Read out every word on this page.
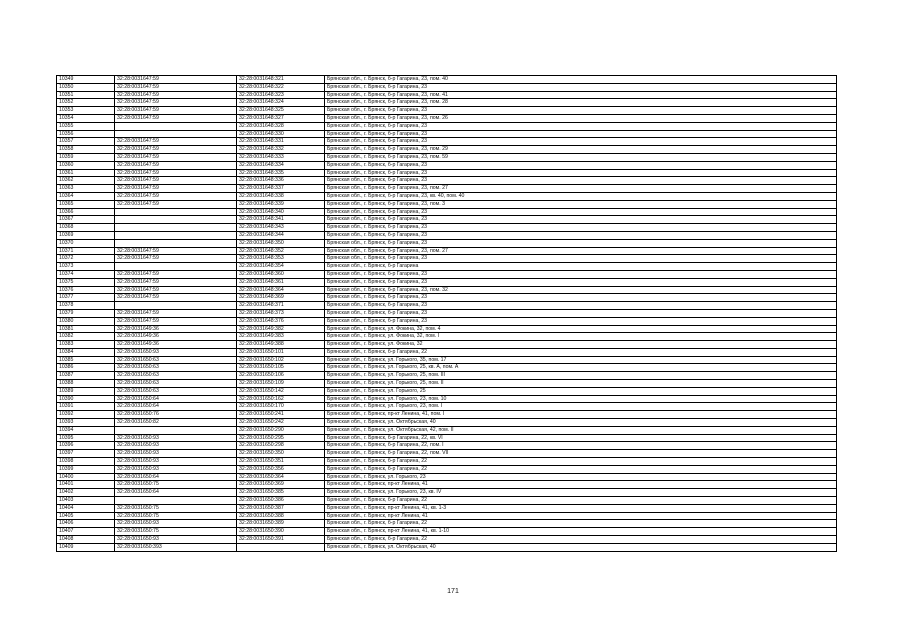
10349	32:28:0031647:59	32:28:0031648:321	Брянская обл., г. Брянск, б-р Гагарина, 23, пом. 40
10350	32:28:0031647:59	32:28:0031648:322	Брянская обл., г. Брянск, б-р Гагарина, 23
10351	32:28:0031647:59	32:28:0031648:323	Брянская обл., г. Брянск, б-р Гагарина, 23, пом. 41
10352	32:28:0031647:59	32:28:0031648:324	Брянская обл., г. Брянск, б-р Гагарина, 23, пом. 28
10353	32:28:0031647:59	32:28:0031648:325	Брянская обл., г. Брянск, б-р Гагарина, 23
10354	32:28:0031647:59	32:28:0031648:327	Брянская обл., г. Брянск, б-р Гагарина, 23, пом. 26
10355		32:28:0031648:328	Брянская обл., г. Брянск, б-р Гагарина, 23
10356		32:28:0031648:330	Брянская обл., г. Брянск, б-р Гагарина, 23
10357	32:28:0031647:59	32:28:0031648:331	Брянская обл., г. Брянск, б-р Гагарина, 23
10358	32:28:0031647:59	32:28:0031648:332	Брянская обл., г. Брянск, б-р Гагарина, 23, пом. 29
10359	32:28:0031647:59	32:28:0031648:333	Брянская обл., г. Брянск, б-р Гагарина, 23, пом. 59
10360	32:28:0031647:59	32:28:0031648:334	Брянская обл., г. Брянск, б-р Гагарина, 23
10361	32:28:0031647:59	32:28:0031648:335	Брянская обл., г. Брянск, б-р Гагарина, 23
10362	32:28:0031647:59	32:28:0031648:336	Брянская обл., г. Брянск, б-р Гагарина, 23
10363	32:28:0031647:59	32:28:0031648:337	Брянская обл., г. Брянск, б-р Гагарина, 23, пом. 27
10364	32:28:0031647:59	32:28:0031648:338	Брянская обл., г. Брянск, б-р Гагарина, 23, кв. 40, пом. 40
10365	32:28:0031647:59	32:28:0031648:339	Брянская обл., г. Брянск, б-р Гагарина, 23, пом. 3
10366		32:28:0031648:340	Брянская обл., г. Брянск, б-р Гагарина, 23
10367		32:28:0031648:341	Брянская обл., г. Брянск, б-р Гагарина, 23
10368		32:28:0031648:343	Брянская обл., г. Брянск, б-р Гагарина, 23
10369		32:28:0031648:344	Брянская обл., г. Брянск, б-р Гагарина, 23
10370		32:28:0031648:350	Брянская обл., г. Брянск, б-р Гагарина, 23
10371	32:28:0031647:59	32:28:0031648:352	Брянская обл., г. Брянск, б-р Гагарина, 23, пом. 27
10372	32:28:0031647:59	32:28:0031648:353	Брянская обл., г. Брянск, б-р Гагарина, 23
10373		32:28:0031648:354	Брянская обл., г. Брянск, б-р Гагарина
10374	32:28:0031647:59	32:28:0031648:360	Брянская обл., г. Брянск, б-р Гагарина, 23
10375	32:28:0031647:59	32:28:0031648:361	Брянская обл., г. Брянск, б-р Гагарина, 23
10376	32:28:0031647:59	32:28:0031648:364	Брянская обл., г. Брянск, б-р Гагарина, 23, пом. 32
10377	32:28:0031647:59	32:28:0031648:369	Брянская обл., г. Брянск, б-р Гагарина, 23
10378		32:28:0031648:371	Брянская обл., г. Брянск, б-р Гагарина, 23
10379	32:28:0031647:59	32:28:0031648:373	Брянская обл., г. Брянск, б-р Гагарина, 23
10380	32:28:0031647:59	32:28:0031648:376	Брянская обл., г. Брянск, б-р Гагарина, 23
10381	32:28:0031649:36	32:28:0031649:382	Брянская обл., г. Брянск, ул. Фокина, 32, пом. 4
10382	32:28:0031649:36	32:28:0031649:383	Брянская обл., г. Брянск, ул. Фокина, 32, пом. I
10383	32:28:0031649:36	32:28:0031649:388	Брянская обл., г. Брянск, ул. Фокина, 32
10384	32:28:0031650:93	32:28:0031650:101	Брянская обл., г. Брянск, б-р Гагарина, 22
10385	32:28:0031650:63	32:28:0031650:102	Брянская обл., г. Брянск, ул. Горького, 35, пом. 17
10386	32:28:0031650:63	32:28:0031650:105	Брянская обл., г. Брянск, ул. Горького, 25, кв. А, пом. А
10387	32:28:0031650:63	32:28:0031650:106	Брянская обл., г. Брянск, ул. Горького, 25, пом. III
10388	32:28:0031650:63	32:28:0031650:109	Брянская обл., г. Брянск, ул. Горького, 25, пом. II
10389	32:28:0031650:63	32:28:0031650:142	Брянская обл., г. Брянск, ул. Горького, 25
10390	32:28:0031650:64	32:28:0031650:162	Брянская обл., г. Брянск, ул. Горького, 23, пом. 10
10391	32:28:0031650:64	32:28:0031650:170	Брянская обл., г. Брянск, ул. Горького, 23, пом. I
10392	32:28:0031650:76	32:28:0031650:241	Брянская обл., г. Брянск, пр-кт Ленина, 41, пом. I
10393	32:28:0031650:82	32:28:0031650:242	Брянская обл., г. Брянск, ул. Октябрьская, 40
10394		32:28:0031650:290	Брянская обл., г. Брянск, ул. Октябрьская, 42, пом. II
10395	32:28:0031650:93	32:28:0031650:295	Брянская обл., г. Брянск, б-р Гагарина, 22, кв. VI
10396	32:28:0031650:93	32:28:0031650:298	Брянская обл., г. Брянск, б-р Гагарина, 22, пом. I
10397	32:28:0031650:93	32:28:0031650:350	Брянская обл., г. Брянск, б-р Гагарина, 22, пом. VII
10398	32:28:0031650:93	32:28:0031650:351	Брянская обл., г. Брянск, б-р Гагарина, 22
10399	32:28:0031650:93	32:28:0031650:356	Брянская обл., г. Брянск, б-р Гагарина, 22
10400	32:28:0031650:64	32:28:0031650:364	Брянская обл., г. Брянск, ул. Горького, 23
10401	32:28:0031650:75	32:28:0031650:369	Брянская обл., г. Брянск, пр-кт Ленина, 41
10402	32:28:0031650:64	32:28:0031650:385	Брянская обл., г. Брянск, ул. Горького, 23, кв. IV
10403		32:28:0031650:386	Брянская обл., г. Брянск, б-р Гагарина, 22
10404	32:28:0031650:75	32:28:0031650:387	Брянская обл., г. Брянск, пр-кт Ленина, 41, кв. 1-3
10405	32:28:0031650:75	32:28:0031650:388	Брянская обл., г. Брянск, пр-кт Ленина, 41
10406	32:28:0031650:93	32:28:0031650:389	Брянская обл., г. Брянск, б-р Гагарина, 22
10407	32:28:0031650:75	32:28:0031650:390	Брянская обл., г. Брянск, пр-кт Ленина, 41, кв. 1-10
10408	32:28:0031650:93	32:28:0031650:391	Брянская обл., г. Брянск, б-р Гагарина, 22
10409	32:28:0031650:393		Брянская обл., г. Брянск, ул. Октябрьская, 40
171
